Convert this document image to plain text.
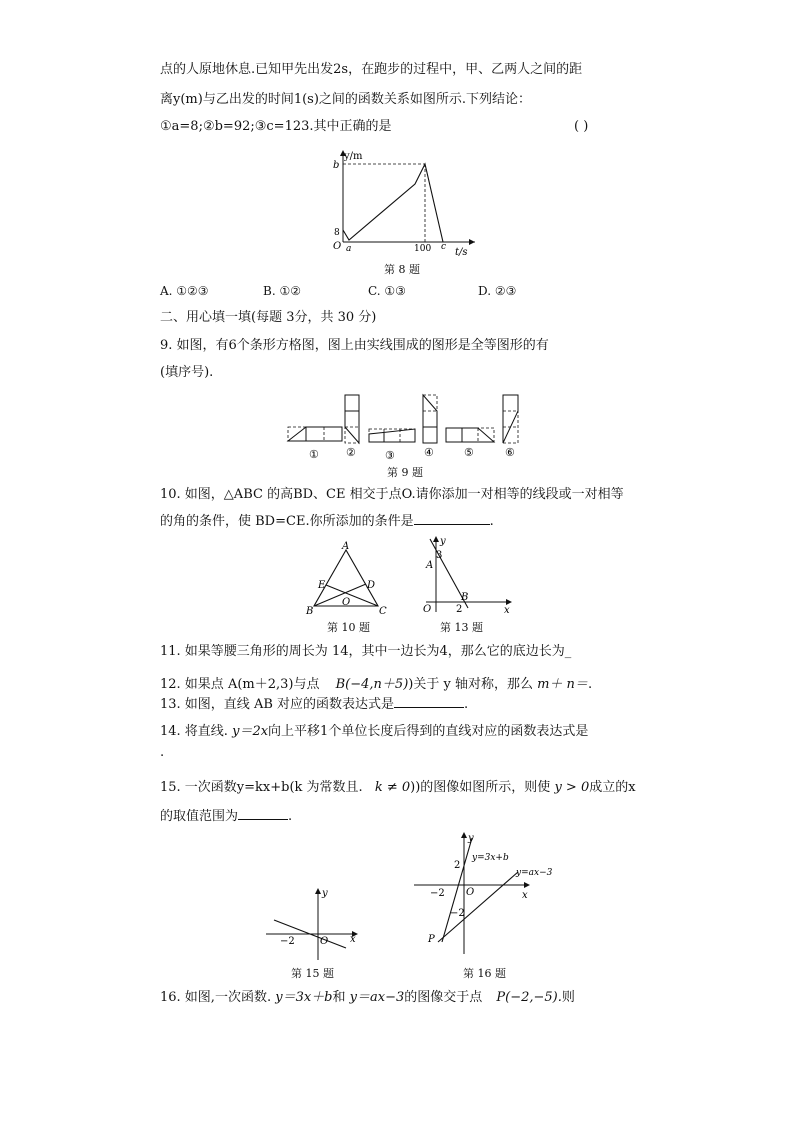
点的人原地休息.已知甲先出发2s，在跑步的过程中，甲、乙两人之间的距
离y(m)与乙出发的时间1(s)之间的函数关系如图所示.下列结论：
①a=8;②b=92;③c=123.其中正确的是	( )
y/m
b
8
O a	100 c t/s
第 8 题
A. ①②③	B. ①②	C. ①③	D. ②③
二、用心填一填(每题 3分，共 30 分)
9. 如图，有6个条形方格图，图上由实线围成的图形是全等图形的有
(填序号).
① ②	③	④	⑤	⑥
第 9 题
10. 如图，△ABC 的高BD、CE 相交于点O.请你添加一对相等的线段或一对相等
的角的条件，使 BD=CE.你所添加的条件是	.
A
B	C
D
E
O
第 10 题
y
x
3
A
B
O 2
第 13 题
11. 如果等腰三角形的周长为 14，其中一边长为4，那么它的底边长为_
12. 如果点 A(m＋2,3)与点 B(−4,n＋5))关于 y 轴对称，那么 m＋ n＝.
13. 如图，直线 AB 对应的函数表达式是	.
14. 将直线. y＝2x向上平移1个单位长度后得到的直线对应的函数表达式是
.
15. 一次函数y=kx+b(k 为常数且. k ≠ 0))的图像如图所示，则使 y > 0成立的x
的取值范围为	.
y
x
−2	O
第 15 题
y
x
2
−2 O
−2
P
y=3x+b
y=ax−3
第 16 题
16. 如图,一次函数. y＝3x＋b和 y＝ax−3的图像交于点 P(−2,−5).则
